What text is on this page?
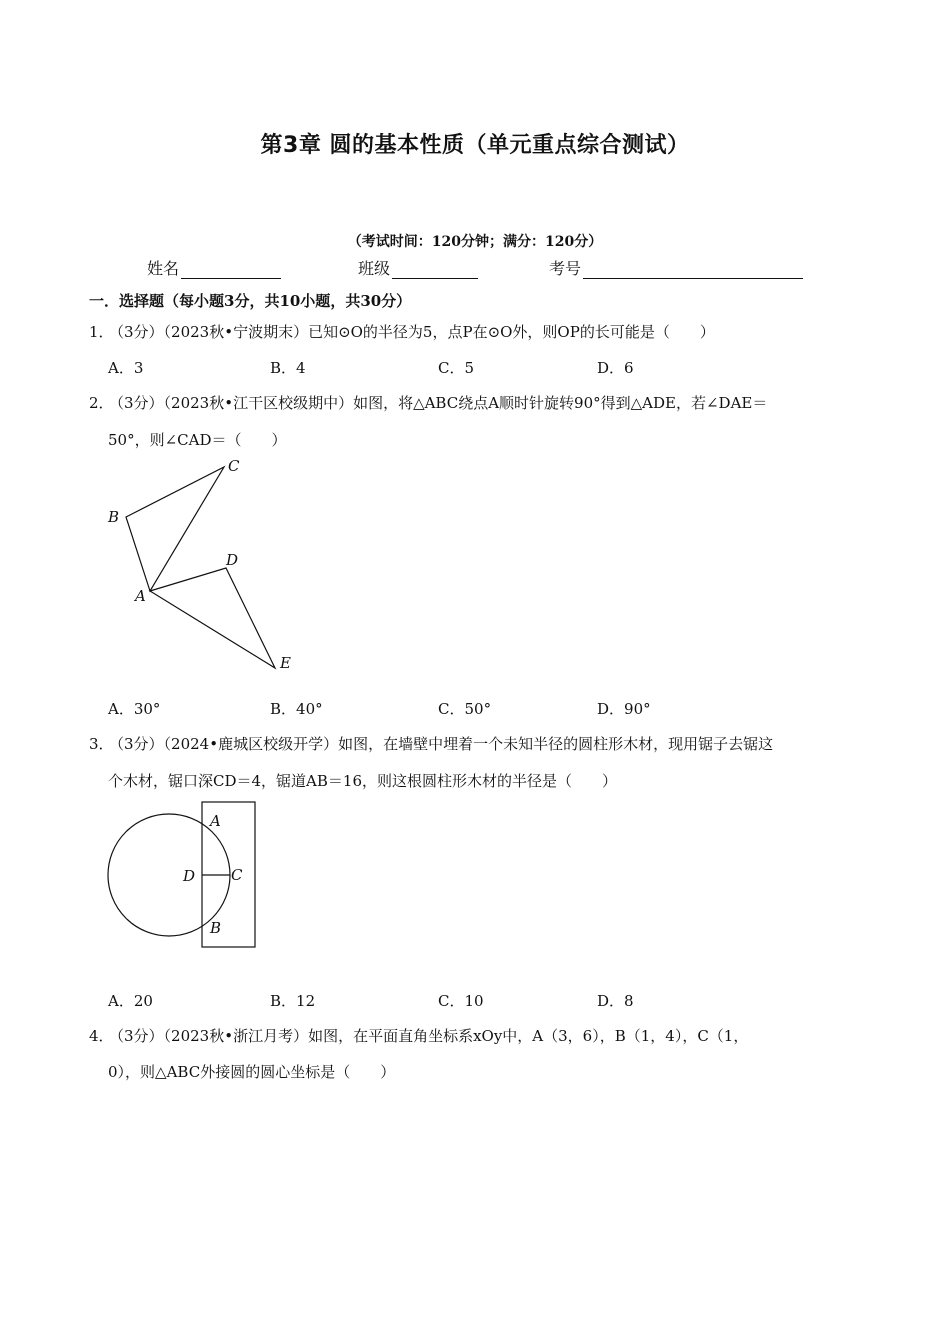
第3章 圆的基本性质（单元重点综合测试）
（考试时间：120分钟；满分：120分）
姓名	班级	考号
一．选择题（每小题3分，共10小题，共30分）
1．（3分）（2023秋•宁波期末）已知⊙O的半径为5，点P在⊙O外，则OP的长可能是（　　）
A．3	B．4	C．5	D．6
2．（3分）（2023秋•江干区校级期中）如图，将△ABC绕点A顺时针旋转90°得到△ADE，若∠DAE＝
50°，则∠CAD＝（　　）
A
B
C
D
E
A．30°	B．40°	C．50°	D．90°
3．（3分）（2024•鹿城区校级开学）如图，在墙壁中埋着一个未知半径的圆柱形木材，现用锯子去锯这
个木材，锯口深CD＝4，锯道AB＝16，则这根圆柱形木材的半径是（　　）
A
B
C
D
A．20	B．12	C．10	D．8
4．（3分）（2023秋•浙江月考）如图，在平面直角坐标系xOy中，A（3，6），B（1，4），C（1，
0），则△ABC外接圆的圆心坐标是（　　）
